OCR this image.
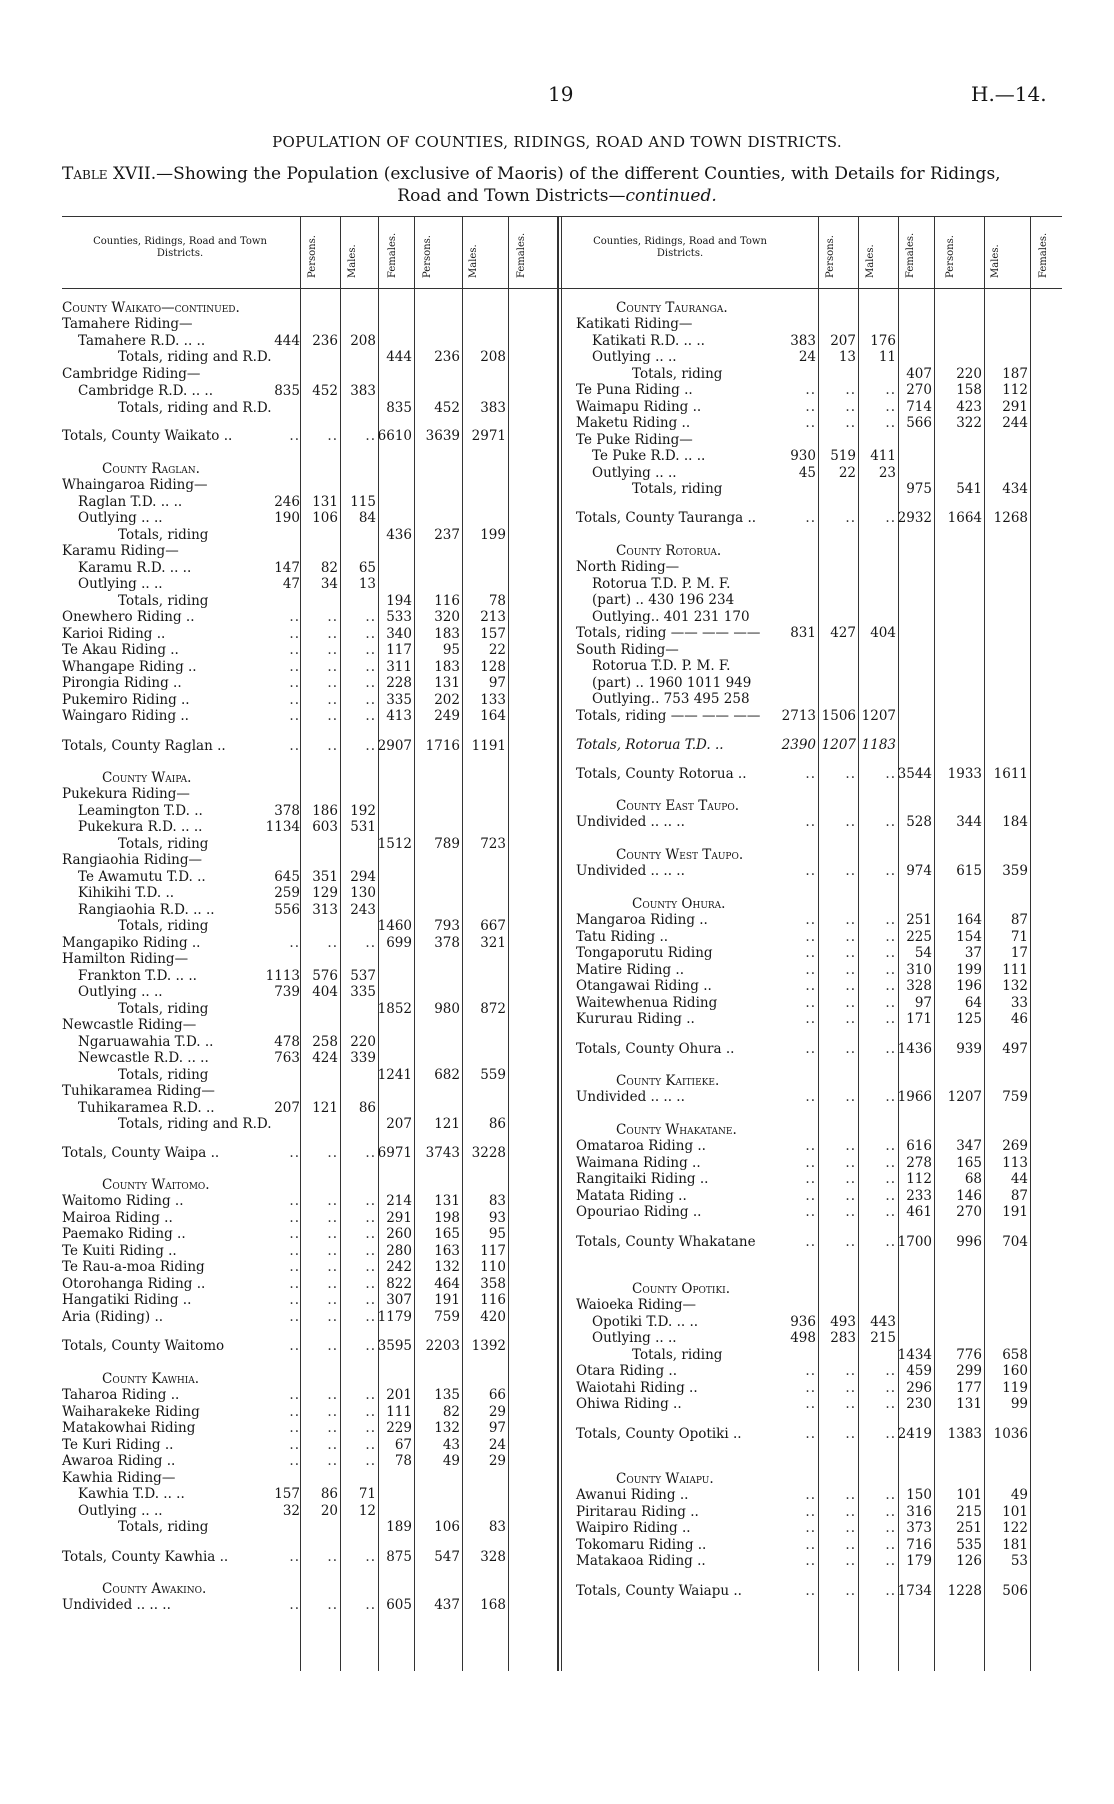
19	H.—14.
POPULATION OF COUNTIES, RIDINGS, ROAD AND TOWN DISTRICTS.
Table XVII.—Showing the Population (exclusive of Maoris) of the different Counties, with Details for Ridings,
Road and Town Districts—continued.
Counties, Ridings, Road and Town Districts.
Counties, Ridings, Road and Town Districts.
Persons.	Males.	Females. Persons.	Males.	Females.	Persons.	Males.	Females.	Persons.	Males.	Females.
County Waikato—continued.
Tamahere Riding—
Tamahere R.D. .. ..	444 236 208
Totals, riding and R.D.	444	236	208
Cambridge Riding—
Cambridge R.D. .. ..	835 452 383
Totals, riding and R.D.	835	452	383
Totals, County Waikato ..	..	..	.. 6610	3639 2971
County Raglan.
Whaingaroa Riding—
Raglan T.D. .. ..	246 131 115
Outlying .. ..	190 106	84
Totals, riding	436	237	199
Karamu Riding—
Karamu R.D. .. ..	147	82	65
Outlying .. ..	47	34	13
Totals, riding	194	116	78
Onewhero Riding ..	..	..	.. 533	320	213
Karioi Riding ..	..	..	.. 340	183	157
Te Akau Riding ..	..	..	.. 117	95	22
Whangape Riding ..	..	..	.. 311	183	128
Pirongia Riding ..	..	..	.. 228	131	97
Pukemiro Riding ..	..	..	.. 335	202	133
Waingaro Riding ..	..	..	.. 413	249	164
Totals, County Raglan ..	..	..	.. 2907	1716 1191
County Waipa.
Pukekura Riding—
Leamington T.D. ..	378 186 192
Pukekura R.D. .. ..	1134 603 531
Totals, riding	1512	789	723
Rangiaohia Riding—
Te Awamutu T.D. ..	645 351 294
Kihikihi T.D. ..	259 129 130
Rangiaohia R.D. .. ..	556 313 243
Totals, riding	1460	793	667
Mangapiko Riding ..	..	..	.. 699	378	321
Hamilton Riding—
Frankton T.D. .. ..	1113 576 537
Outlying .. ..	739 404 335
Totals, riding	1852	980	872
Newcastle Riding—
Ngaruawahia T.D. ..	478 258 220
Newcastle R.D. .. ..	763 424 339
Totals, riding	1241	682	559
Tuhikaramea Riding—
Tuhikaramea R.D. ..	207 121	86
Totals, riding and R.D.	207	121	86
Totals, County Waipa ..	..	..	.. 6971	3743 3228
County Waitomo.
Waitomo Riding ..	..	..	.. 214	131	83
Mairoa Riding ..	..	..	.. 291	198	93
Paemako Riding ..	..	..	.. 260	165	95
Te Kuiti Riding ..	..	..	.. 280	163	117
Te Rau-a-moa Riding	..	..	.. 242	132	110
Otorohanga Riding ..	..	..	.. 822	464	358
Hangatiki Riding ..	..	..	.. 307	191	116
Aria (Riding) ..	..	..	.. 1179	759	420
Totals, County Waitomo	..	..	.. 3595	2203 1392
County Kawhia.
Taharoa Riding ..	..	..	.. 201	135	66
Waiharakeke Riding	..	..	.. 111	82	29
Matakowhai Riding	..	..	.. 229	132	97
Te Kuri Riding ..	..	..	..	67	43	24
Awaroa Riding ..	..	..	..	78	49	29
Kawhia Riding—
Kawhia T.D. .. ..	157	86	71
Outlying .. ..	32	20	12
Totals, riding	189	106	83
Totals, County Kawhia ..	..	..	.. 875	547	328
County Awakino.
Undivided .. .. ..	..	..	.. 605	437	168
County Tauranga.
Katikati Riding—
Katikati R.D. .. ..	383	207	176
Outlying .. ..	24	13	11
Totals, riding	407	220	187
Te Puna Riding ..	..	..	.. 270	158	112
Waimapu Riding ..	..	..	.. 714	423	291
Maketu Riding ..	..	..	.. 566	322	244
Te Puke Riding—
Te Puke R.D. .. ..	930	519	411
Outlying .. ..	45	22	23
Totals, riding	975	541	434
Totals, County Tauranga ..	..	..	.. 2932	1664 1268
County Rotorua.
North Riding—
Rotorua T.D. P. M. F.
(part) .. 430 196 234
Outlying.. 401 231 170
Totals, riding —— —— ——	831	427	404
South Riding—
Rotorua T.D. P. M. F.
(part) .. 1960 1011 949
Outlying.. 753 495 258
Totals, riding —— —— ——	2713 1506 1207
Totals, Rotorua T.D. ..	2390 1207 1183
Totals, County Rotorua ..	..	..	.. 3544	1933 1611
County East Taupo.
Undivided .. .. ..	..	..	.. 528	344	184
County West Taupo.
Undivided .. .. ..	..	..	.. 974	615	359
County Ohura.
Mangaroa Riding ..	..	..	.. 251	164	87
Tatu Riding ..	..	..	.. 225	154	71
Tongaporutu Riding	..	..	..	54	37	17
Matire Riding ..	..	..	.. 310	199	111
Otangawai Riding ..	..	..	.. 328	196	132
Waitewhenua Riding	..	..	..	97	64	33
Kururau Riding ..	..	..	.. 171	125	46
Totals, County Ohura ..	..	..	.. 1436	939	497
County Kaitieke.
Undivided .. .. ..	..	..	.. 1966	1207	759
County Whakatane.
Omataroa Riding ..	..	..	.. 616	347	269
Waimana Riding ..	..	..	.. 278	165	113
Rangitaiki Riding ..	..	..	.. 112	68	44
Matata Riding ..	..	..	.. 233	146	87
Opouriao Riding ..	..	..	.. 461	270	191
Totals, County Whakatane	..	..	.. 1700	996	704
County Opotiki.
Waioeka Riding—
Opotiki T.D. .. ..	936	493	443
Outlying .. ..	498	283	215
Totals, riding	1434	776	658
Otara Riding ..	..	..	.. 459	299	160
Waiotahi Riding ..	..	..	.. 296	177	119
Ohiwa Riding ..	..	..	.. 230	131	99
Totals, County Opotiki ..	..	..	.. 2419	1383 1036
County Waiapu.
Awanui Riding ..	..	..	.. 150	101	49
Piritarau Riding ..	..	..	.. 316	215	101
Waipiro Riding ..	..	..	.. 373	251	122
Tokomaru Riding ..	..	..	.. 716	535	181
Matakaoa Riding ..	..	..	.. 179	126	53
Totals, County Waiapu ..	..	..	.. 1734	1228	506
